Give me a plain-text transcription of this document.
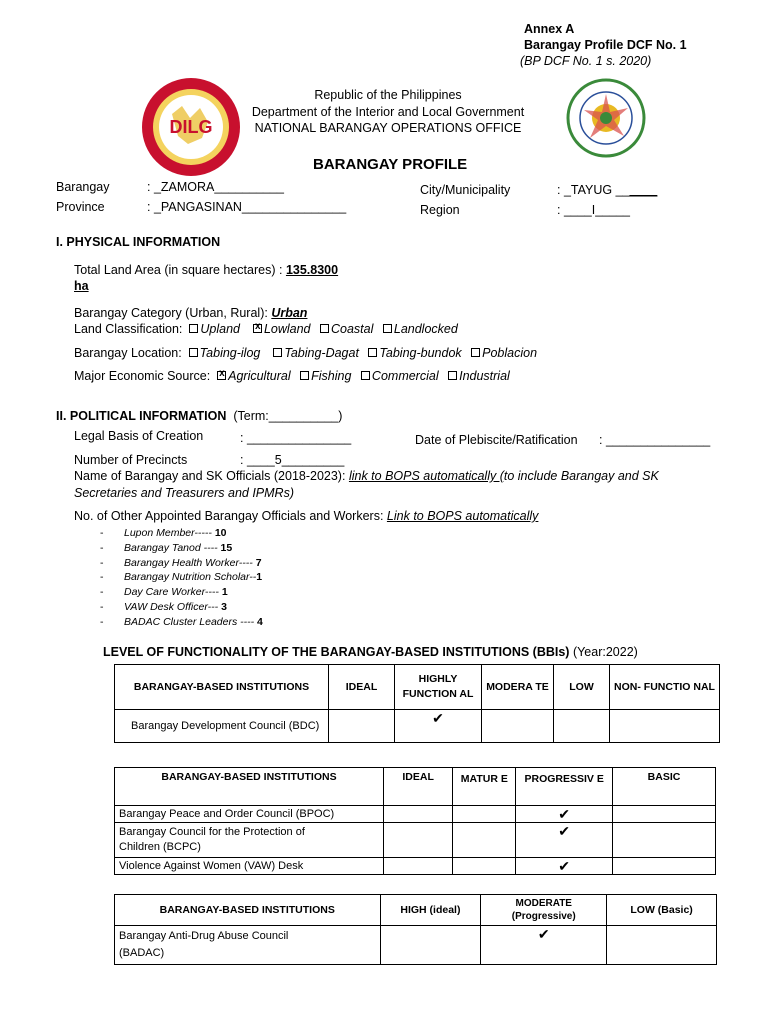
Annex A
Barangay Profile DCF No. 1
(BP DCF No. 1 s. 2020)
DILG
Republic of the Philippines
Department of the Interior and Local Government
NATIONAL BARANGAY OPERATIONS OFFICE
BARANGAY PROFILE
Barangay	: _ZAMORA__________
Province	: _PANGASINAN_______________
City/Municipality	: _TAYUG ______
Region	: ____I_____
I. PHYSICAL INFORMATION
Total Land Area (in square hectares) : 135.8300
ha
Barangay Category (Urban, Rural): Urban
Land Classification: Upland x Lowland Coastal Landlocked
Barangay Location: Tabing-ilog Tabing-Dagat Tabing-bundok Poblacion
Major Economic Source: x Agricultural Fishing Commercial Industrial
II. POLITICAL INFORMATION (Term:__________)
Legal Basis of Creation	: _______________	Date of Plebiscite/Ratification : _______________
Number of Precincts	: ____5_________
Name of Barangay and SK Officials (2018-2023): link to BOPS automatically (to include Barangay and SK
Secretaries and Treasurers and IPMRs)
No. of Other Appointed Barangay Officials and Workers: Link to BOPS automatically
- Lupon Member----- 10
- Barangay Tanod ---- 15
- Barangay Health Worker---- 7
- Barangay Nutrition Scholar--1
- Day Care Worker---- 1
- VAW Desk Officer--- 3
- BADAC Cluster Leaders ---- 4
LEVEL OF FUNCTIONALITY OF THE BARANGAY-BASED INSTITUTIONS (BBIs) (Year:2022)
BARANGAY-BASED INSTITUTIONS	IDEAL	HIGHLY FUNCTION AL	MODERA TE	LOW	NON- FUNCTIO NAL
Barangay Development Council (BDC)		✔			
BARANGAY-BASED INSTITUTIONS	IDEAL	MATUR E	PROGRESSIV E	BASIC
Barangay Peace and Order Council (BPOC)			✔	
Barangay Council for the Protection of Children (BCPC)			✔	
Violence Against Women (VAW) Desk			✔	
BARANGAY-BASED INSTITUTIONS	HIGH (ideal)	MODERATE
(Progressive)	LOW (Basic)
Barangay Anti-Drug Abuse Council (BADAC)		✔	
